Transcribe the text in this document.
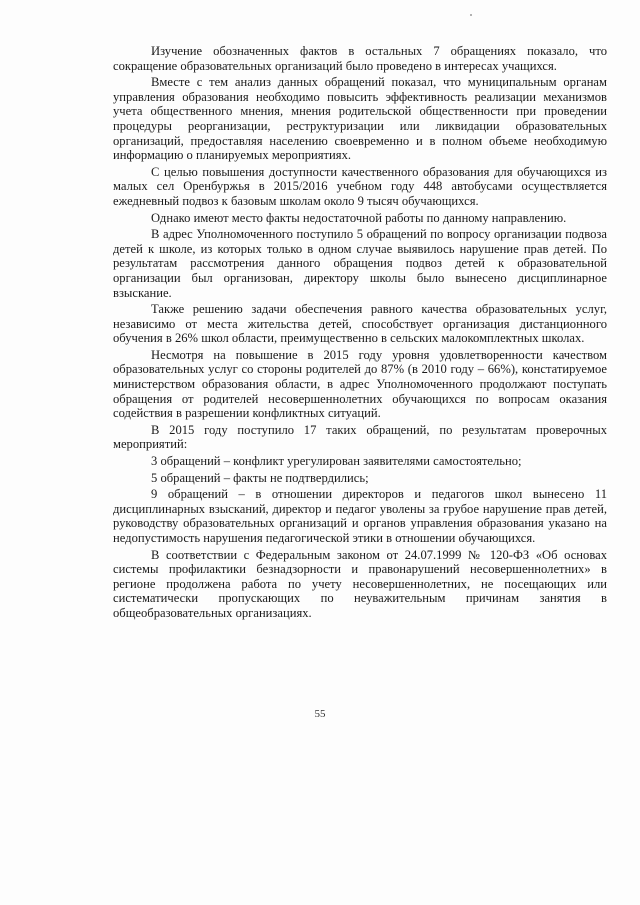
Изучение обозначенных фактов в остальных 7 обращениях показало, что сокращение образовательных организаций было проведено в интересах учащихся.

Вместе с тем анализ данных обращений показал, что муниципальным органам управления образования необходимо повысить эффективность реализации механизмов учета общественного мнения, мнения родительской общественности при проведении процедуры реорганизации, реструктуризации или ликвидации образовательных организаций, предоставляя населению своевременно и в полном объеме необходимую информацию о планируемых мероприятиях.

С целью повышения доступности качественного образования для обучающихся из малых сел Оренбуржья в 2015/2016 учебном году 448 автобусами осуществляется ежедневный подвоз к базовым школам около 9 тысяч обучающихся.

Однако имеют место факты недостаточной работы по данному направлению.

В адрес Уполномоченного поступило 5 обращений по вопросу организации подвоза детей к школе, из которых только в одном случае выявилось нарушение прав детей. По результатам рассмотрения данного обращения подвоз детей к образовательной организации был организован, директору школы было вынесено дисциплинарное взыскание.

Также решению задачи обеспечения равного качества образовательных услуг, независимо от места жительства детей, способствует организация дистанционного обучения в 26% школ области, преимущественно в сельских малокомплектных школах.

Несмотря на повышение в 2015 году уровня удовлетворенности качеством образовательных услуг со стороны родителей до 87% (в 2010 году – 66%), констатируемое министерством образования области, в адрес Уполномоченного продолжают поступать обращения от родителей несовершеннолетних обучающихся по вопросам оказания содействия в разрешении конфликтных ситуаций.

В 2015 году поступило 17 таких обращений, по результатам проверочных мероприятий:

3 обращений – конфликт урегулирован заявителями самостоятельно;

5 обращений – факты не подтвердились;

9 обращений – в отношении директоров и педагогов школ вынесено 11 дисциплинарных взысканий, директор и педагог уволены за грубое нарушение прав детей, руководству образовательных организаций и органов управления образования указано на недопустимость нарушения педагогической этики в отношении обучающихся.

В соответствии с Федеральным законом от 24.07.1999 № 120-ФЗ «Об основах системы профилактики безнадзорности и правонарушений несовершеннолетних» в регионе продолжена работа по учету несовершеннолетних, не посещающих или систематически пропускающих по неуважительным причинам занятия в общеобразовательных организациях.

55
